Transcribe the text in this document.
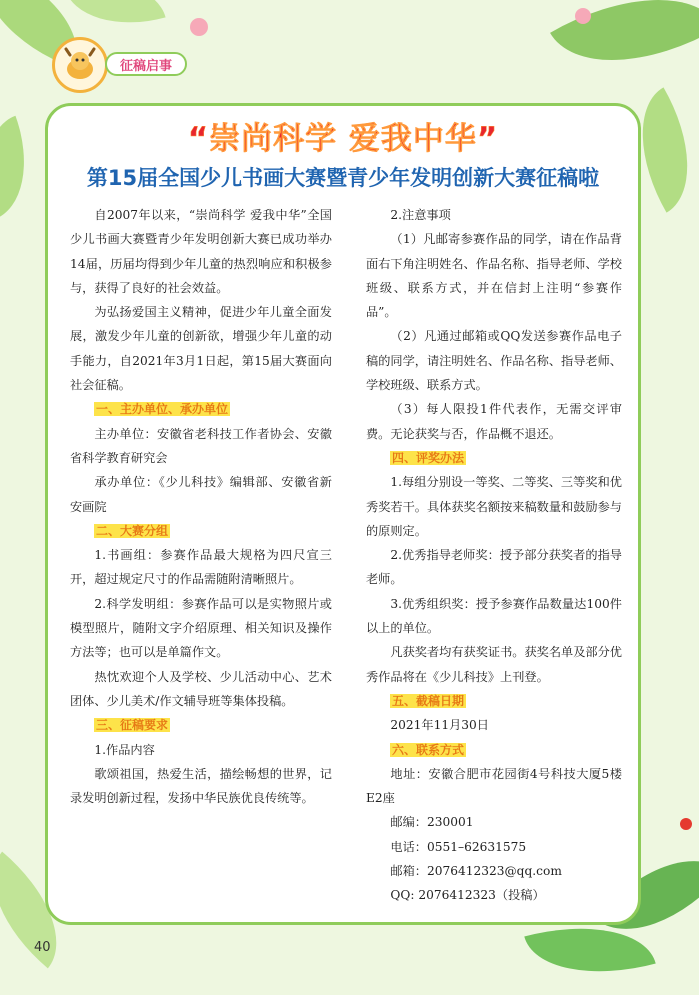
征稿启事
“崇尚科学 爱我中华”
第15届全国少儿书画大赛暨青少年发明创新大赛征稿啦

自2007年以来，“崇尚科学 爱我中华”全国少儿书画大赛暨青少年发明创新大赛已成功举办14届，历届均得到少年儿童的热烈响应和积极参与，获得了良好的社会效益。

为弘扬爱国主义精神，促进少年儿童全面发展，激发少年儿童的创新欲，增强少年儿童的动手能力，自2021年3月1日起，第15届大赛面向社会征稿。

一、主办单位、承办单位

主办单位：安徽省老科技工作者协会、安徽省科学教育研究会

承办单位：《少儿科技》编辑部、安徽省新安画院

二、大赛分组

1.书画组：参赛作品最大规格为四尺宣三开，超过规定尺寸的作品需随附清晰照片。

2.科学发明组：参赛作品可以是实物照片或模型照片，随附文字介绍原理、相关知识及操作方法等；也可以是单篇作文。

热忱欢迎个人及学校、少儿活动中心、艺术团体、少儿美术/作文辅导班等集体投稿。

三、征稿要求

1.作品内容

歌颂祖国，热爱生活，描绘畅想的世界，记录发明创新过程，发扬中华民族优良传统等。

2.注意事项

（1）凡邮寄参赛作品的同学，请在作品背面右下角注明姓名、作品名称、指导老师、学校班级、联系方式，并在信封上注明“参赛作品”。

（2）凡通过邮箱或QQ发送参赛作品电子稿的同学，请注明姓名、作品名称、指导老师、学校班级、联系方式。

（3）每人限投1件代表作，无需交评审费。无论获奖与否，作品概不退还。

四、评奖办法

1.每组分别设一等奖、二等奖、三等奖和优秀奖若干。具体获奖名额按来稿数量和鼓励参与的原则定。

2.优秀指导老师奖：授予部分获奖者的指导老师。

3.优秀组织奖：授予参赛作品数量达100件以上的单位。

凡获奖者均有获奖证书。获奖名单及部分优秀作品将在《少儿科技》上刊登。

五、截稿日期

2021年11月30日

六、联系方式

地址：安徽合肥市花园街4号科技大厦5楼E2座

邮编：230001

电话：0551–62631575

邮箱：2076412323@qq.com

QQ: 2076412323（投稿）

40
